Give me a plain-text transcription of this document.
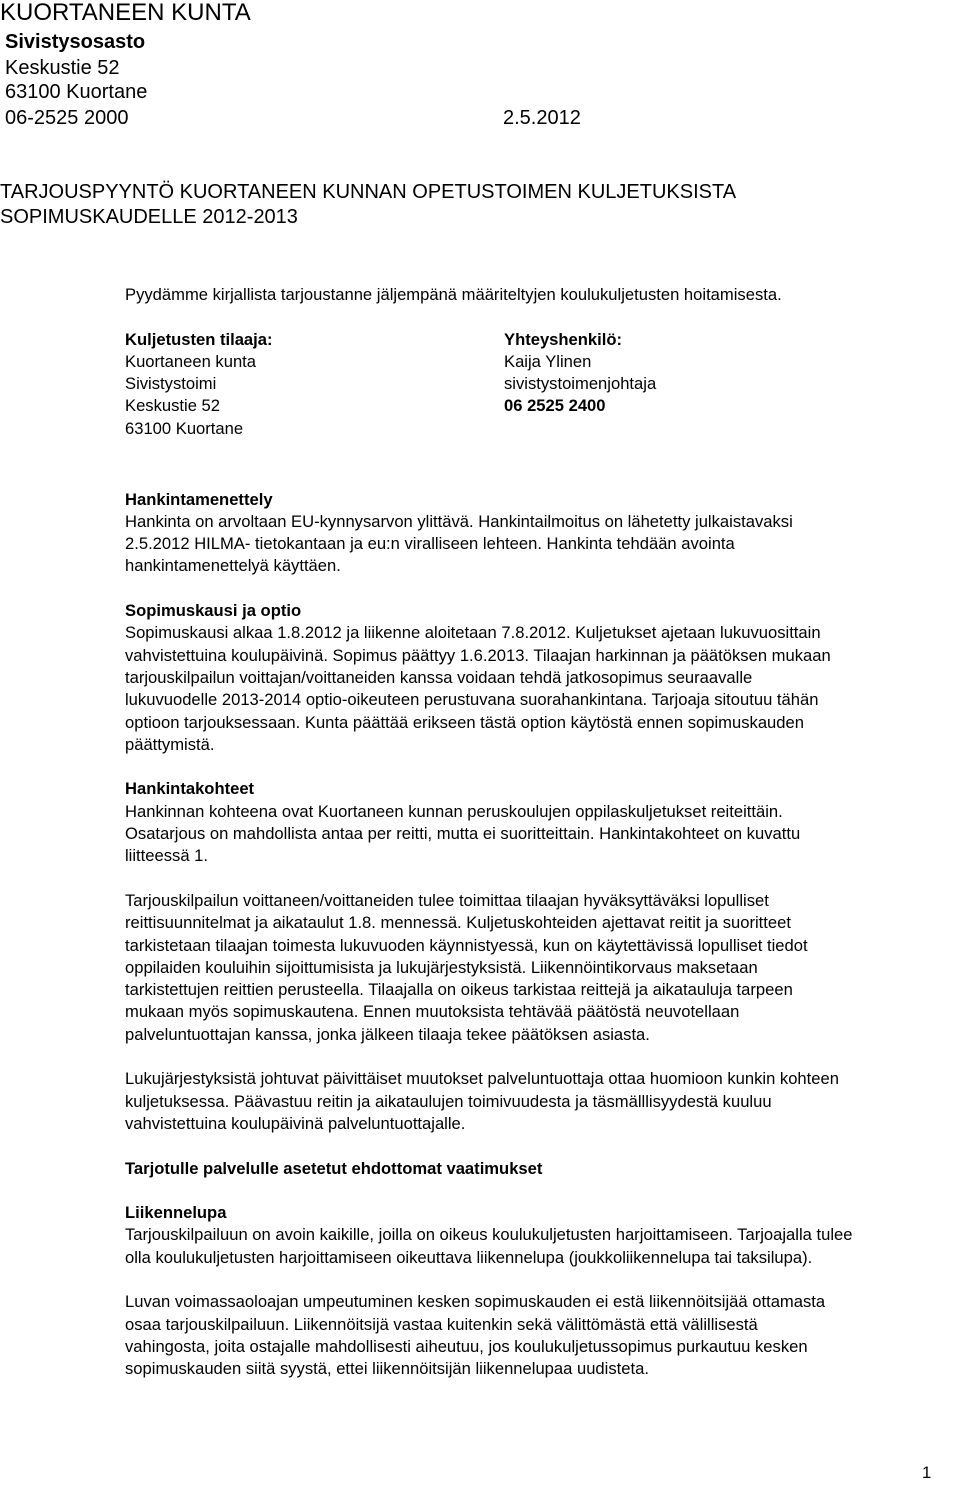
KUORTANEEN KUNTA
Sivistysosasto
Keskustie 52
63100 Kuortane
06-2525 2000	2.5.2012
TARJOUSPYYNTÖ KUORTANEEN KUNNAN OPETUSTOIMEN KULJETUKSISTA
SOPIMUSKAUDELLE 2012-2013

Pyydämme kirjallista tarjoustanne jäljempänä määriteltyjen koulukuljetusten hoitamisesta.

Kuljetusten tilaaja:

Kuortaneen kunta

Sivistystoimi

Keskustie 52

63100 Kuortane

Yhteyshenkilö:

Kaija Ylinen

sivistystoimenjohtaja

06 2525 2400

Hankintamenettely

Hankinta on arvoltaan EU-kynnysarvon ylittävä. Hankintailmoitus on lähetetty julkaistavaksi

2.5.2012 HILMA- tietokantaan ja eu:n viralliseen lehteen. Hankinta tehdään avointa

hankintamenettelyä käyttäen.

Sopimuskausi ja optio

Sopimuskausi alkaa 1.8.2012 ja liikenne aloitetaan 7.8.2012. Kuljetukset ajetaan lukuvuosittain

vahvistettuina koulupäivinä. Sopimus päättyy 1.6.2013. Tilaajan harkinnan ja päätöksen mukaan

tarjouskilpailun voittajan/voittaneiden kanssa voidaan tehdä jatkosopimus seuraavalle

lukuvuodelle 2013-2014 optio-oikeuteen perustuvana suorahankintana. Tarjoaja sitoutuu tähän

optioon tarjouksessaan. Kunta päättää erikseen tästä option käytöstä ennen sopimuskauden

päättymistä.

Hankintakohteet

Hankinnan kohteena ovat Kuortaneen kunnan peruskoulujen oppilaskuljetukset reiteittäin.

Osatarjous on mahdollista antaa per reitti, mutta ei suoritteittain. Hankintakohteet on kuvattu

liitteessä 1.

Tarjouskilpailun voittaneen/voittaneiden tulee toimittaa tilaajan hyväksyttäväksi lopulliset

reittisuunnitelmat ja aikataulut 1.8. mennessä. Kuljetuskohteiden ajettavat reitit ja suoritteet

tarkistetaan tilaajan toimesta lukuvuoden käynnistyessä, kun on käytettävissä lopulliset tiedot

oppilaiden kouluihin sijoittumisista ja lukujärjestyksistä. Liikennöintikorvaus maksetaan

tarkistettujen reittien perusteella. Tilaajalla on oikeus tarkistaa reittejä ja aikatauluja tarpeen

mukaan myös sopimuskautena. Ennen muutoksista tehtävää päätöstä neuvotellaan

palveluntuottajan kanssa, jonka jälkeen tilaaja tekee päätöksen asiasta.

Lukujärjestyksistä johtuvat päivittäiset muutokset palveluntuottaja ottaa huomioon kunkin kohteen

kuljetuksessa. Päävastuu reitin ja aikataulujen toimivuudesta ja täsmälllisyydestä kuuluu

vahvistettuina koulupäivinä palveluntuottajalle.

Tarjotulle palvelulle asetetut ehdottomat vaatimukset

Liikennelupa

Tarjouskilpailuun on avoin kaikille, joilla on oikeus koulukuljetusten harjoittamiseen. Tarjoajalla tulee

olla koulukuljetusten harjoittamiseen oikeuttava liikennelupa (joukkoliikennelupa tai taksilupa).

Luvan voimassaoloajan umpeutuminen kesken sopimuskauden ei estä liikennöitsijää ottamasta

osaa tarjouskilpailuun. Liikennöitsijä vastaa kuitenkin sekä välittömästä että välillisestä

vahingosta, joita ostajalle mahdollisesti aiheutuu, jos koulukuljetussopimus purkautuu kesken

sopimuskauden siitä syystä, ettei liikennöitsijän liikennelupaa uudisteta.

1
